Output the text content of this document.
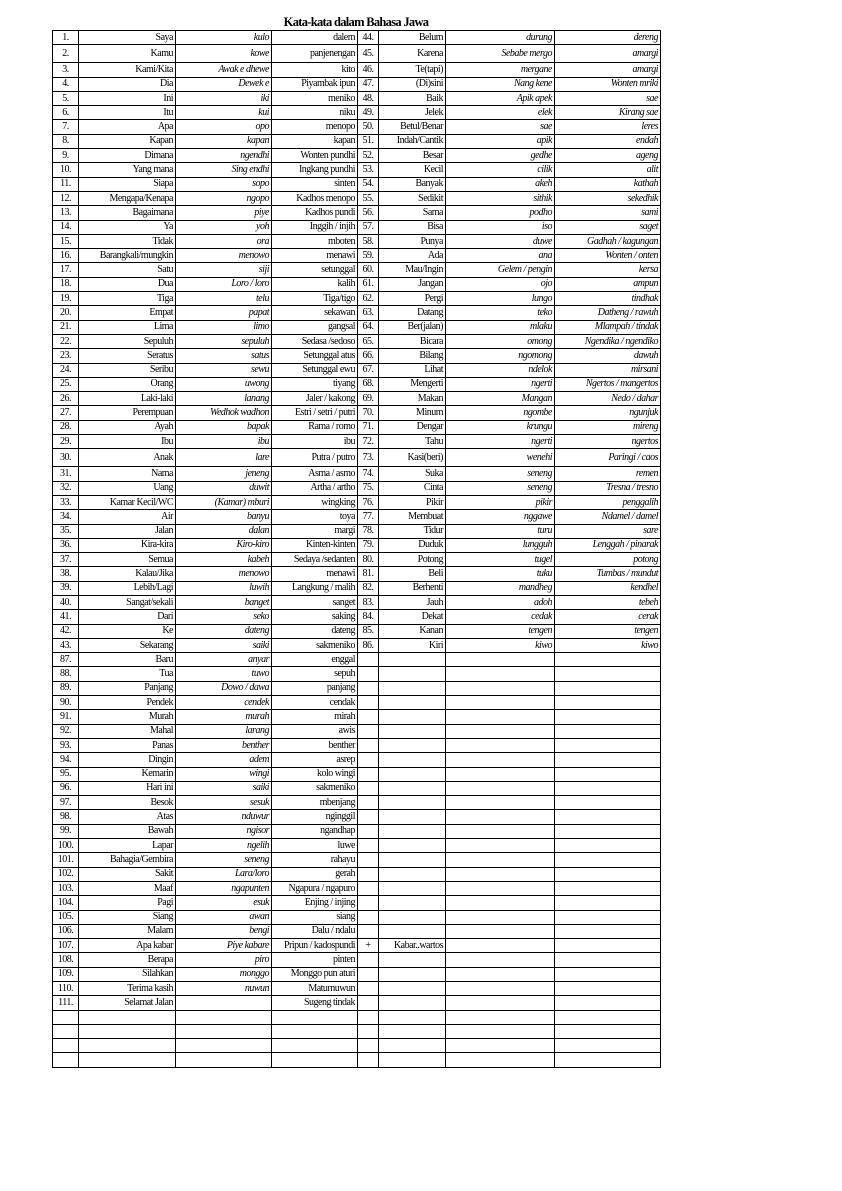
Kata-kata dalam Bahasa Jawa
1.	Saya	kulo	dalem	44.	Belum	durung	dereng
2.	Kamu	kowe	panjenengan	45.	Karena	Sebabe mergo	amargi
3.	Kami/Kita	Awak e dhewe	kito	46.	Te(tapi)	mergane	amargi
4.	Dia	Dewek e	Piyambak ipun	47.	(Di)sini	Nang kene	Wonten mriki
5.	Ini	iki	meniko	48.	Baik	Apik apek	sae
6.	Itu	kui	niku	49.	Jelek	elek	Kirang sae
7.	Apa	opo	menopo	50.	Betul/Benar	sae	leres
8.	Kapan	kapan	kapan	51.	Indah/Cantik	apik	endah
9.	Dimana	ngendhi	Wonten pundhi	52.	Besar	gedhe	ageng
10.	Yang mana	Sing endhi	Ingkang pundhi	53.	Kecil	cilik	alit
11.	Siapa	sopo	sinten	54.	Banyak	akeh	kathah
12.	Mengapa/Kenapa	ngopo	Kadhos menopo	55.	Sedikit	sithik	sekedhik
13.	Bagaimana	piye	Kadhos pundi	56.	Sama	podho	sami
14.	Ya	yoh	Inggih / injih	57.	Bisa	iso	saget
15.	Tidak	ora	mboten	58.	Punya	duwe	Gadhah / kagungan
16.	Barangkali/mungkin	menowo	menawi	59.	Ada	ana	Wonten / onten
17.	Satu	siji	setunggal	60.	Mau/Ingin	Gelem / pengin	kersa
18.	Dua	Loro / loro	kalih	61.	Jangan	ojo	ampun
19.	Tiga	telu	Tiga/tigo	62.	Pergi	lungo	tindhak
20.	Empat	papat	sekawan	63.	Datang	teko	Datheng / rawuh
21.	Lima	limo	gangsal	64.	Ber(jalan)	mlaku	Mlampah / tindak
22.	Sepuluh	sepuluh	Sedasa /sedoso	65.	Bicara	omong	Ngendika / ngendiko
23.	Seratus	satus	Setunggal atus	66.	Bilang	ngomong	dawuh
24.	Seribu	sewu	Setunggal ewu	67.	Lihat	ndelok	mirsani
25.	Orang	uwong	tiyang	68.	Mengerti	ngerti	Ngertos / mangertos
26.	Laki-laki	lanang	Jaler / kakong	69.	Makan	Mangan	Nedo / dahar
27.	Perempuan	Wedhok wadhon	Estri / setri / putri	70.	Minum	ngombe	ngunjuk
28.	Ayah	bapak	Rama / romo	71.	Dengar	krungu	mireng
29.	Ibu	ibu	ibu	72.	Tahu	ngerti	ngertos
30.	Anak	lare	Putra / putro	73.	Kasi(beri)	wenehi	Paringi / caos
31.	Nama	jeneng	Asma / asmo	74.	Suka	seneng	remen
32.	Uang	duwit	Artha / artho	75.	Cinta	seneng	Tresna / tresno
33.	Kamar Kecil/WC	(Kamar) mburi	wingking	76.	Pikir	pikir	penggalih
34.	Air	banyu	toya	77.	Membuat	nggawe	Ndamel / damel
35.	Jalan	dalan	margi	78.	Tidur	turu	sare
36.	Kira-kira	Kiro-kiro	Kinten-kinten	79.	Duduk	lungguh	Lenggah / pinarak
37.	Semua	kabeh	Sedaya /sedanten	80.	Potong	tugel	potong
38.	Kalau/Jika	menowo	menawi	81.	Beli	tuku	Tumbas / mundut
39.	Lebih/Lagi	luwih	Langkung / malih	82.	Berhenti	mandheg	kendhel
40.	Sangat/sekali	banget	sanget	83.	Jauh	adoh	tebeh
41.	Dari	seko	saking	84.	Dekat	cedak	cerak
42.	Ke	dateng	dateng	85.	Kanan	tengen	tengen
43.	Sekarang	saiki	sakmeniko	86.	Kiri	kiwo	kiwo
87.	Baru	anyar	enggal				
88.	Tua	tuwo	sepuh				
89.	Panjang	Dowo / dawa	panjang				
90.	Pendek	cendek	cendak				
91.	Murah	murah	mirah				
92.	Mahal	larang	awis				
93.	Panas	benther	benther				
94.	Dingin	adem	asrep				
95.	Kemarin	wingi	kolo wingi				
96.	Hari ini	saiki	sakmeniko				
97.	Besok	sesuk	mbenjang				
98.	Atas	nduwur	nginggil				
99.	Bawah	ngisor	ngandhap				
100.	Lapar	ngelih	luwe				
101.	Bahagia/Gembira	seneng	rahayu				
102.	Sakit	Lara/loro	gerah				
103.	Maaf	ngapunten	Ngapura / ngapuro				
104.	Pagi	esuk	Enjing / injing				
105.	Siang	awan	siang				
106.	Malam	bengi	Dalu / ndalu				
107.	Apa kabar	Piye kabare	Pripun / kadospundi	+	Kabar..wartos		
108.	Berapa	piro	pinten				
109.	Silahkan	monggo	Monggo pun aturi				
110.	Terima kasih	nuwun	Maturnuwun				
111.	Selamat Jalan		Sugeng tindak				
